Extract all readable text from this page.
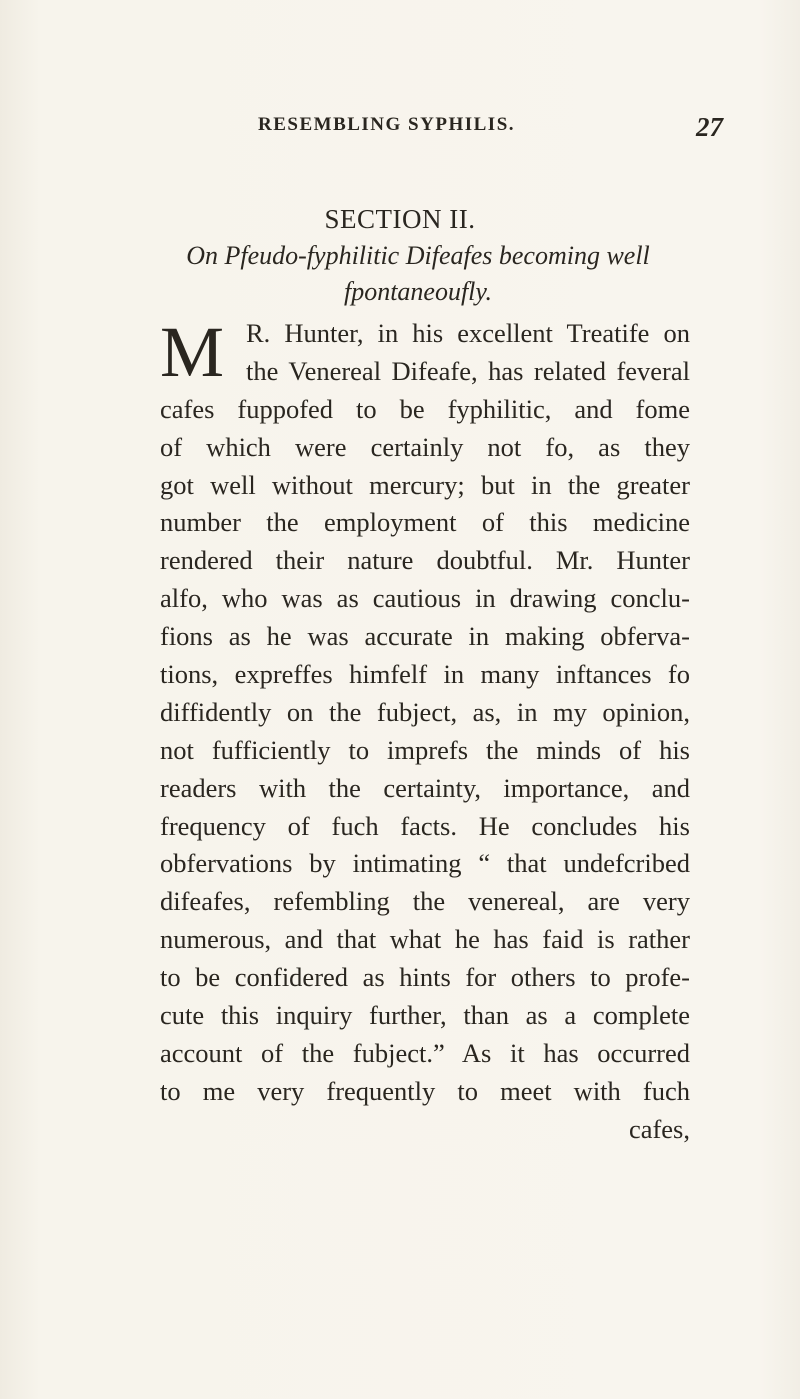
RESEMBLING SYPHILIS.	27
SECTION II.
On Pfeudo-fyphilitic Difeafes becoming well fpontaneoufly.
M R. Hunter, in his excellent Treatife on
the Venereal Difeafe, has related feveral
cafes fuppofed to be fyphilitic, and fome
of which were certainly not fo, as they
got well without mercury; but in the greater
number the employment of this medicine
rendered their nature doubtful. Mr. Hunter
alfo, who was as cautious in drawing conclu-
fions as he was accurate in making obferva-
tions, expreffes himfelf in many inftances fo
diffidently on the fubject, as, in my opinion,
not fufficiently to imprefs the minds of his
readers with the certainty, importance, and
frequency of fuch facts. He concludes his
obfervations by intimating “ that undefcribed
difeafes, refembling the venereal, are very
numerous, and that what he has faid is rather
to be confidered as hints for others to profe-
cute this inquiry further, than as a complete
account of the fubject.” As it has occurred
to me very frequently to meet with fuch
cafes,
